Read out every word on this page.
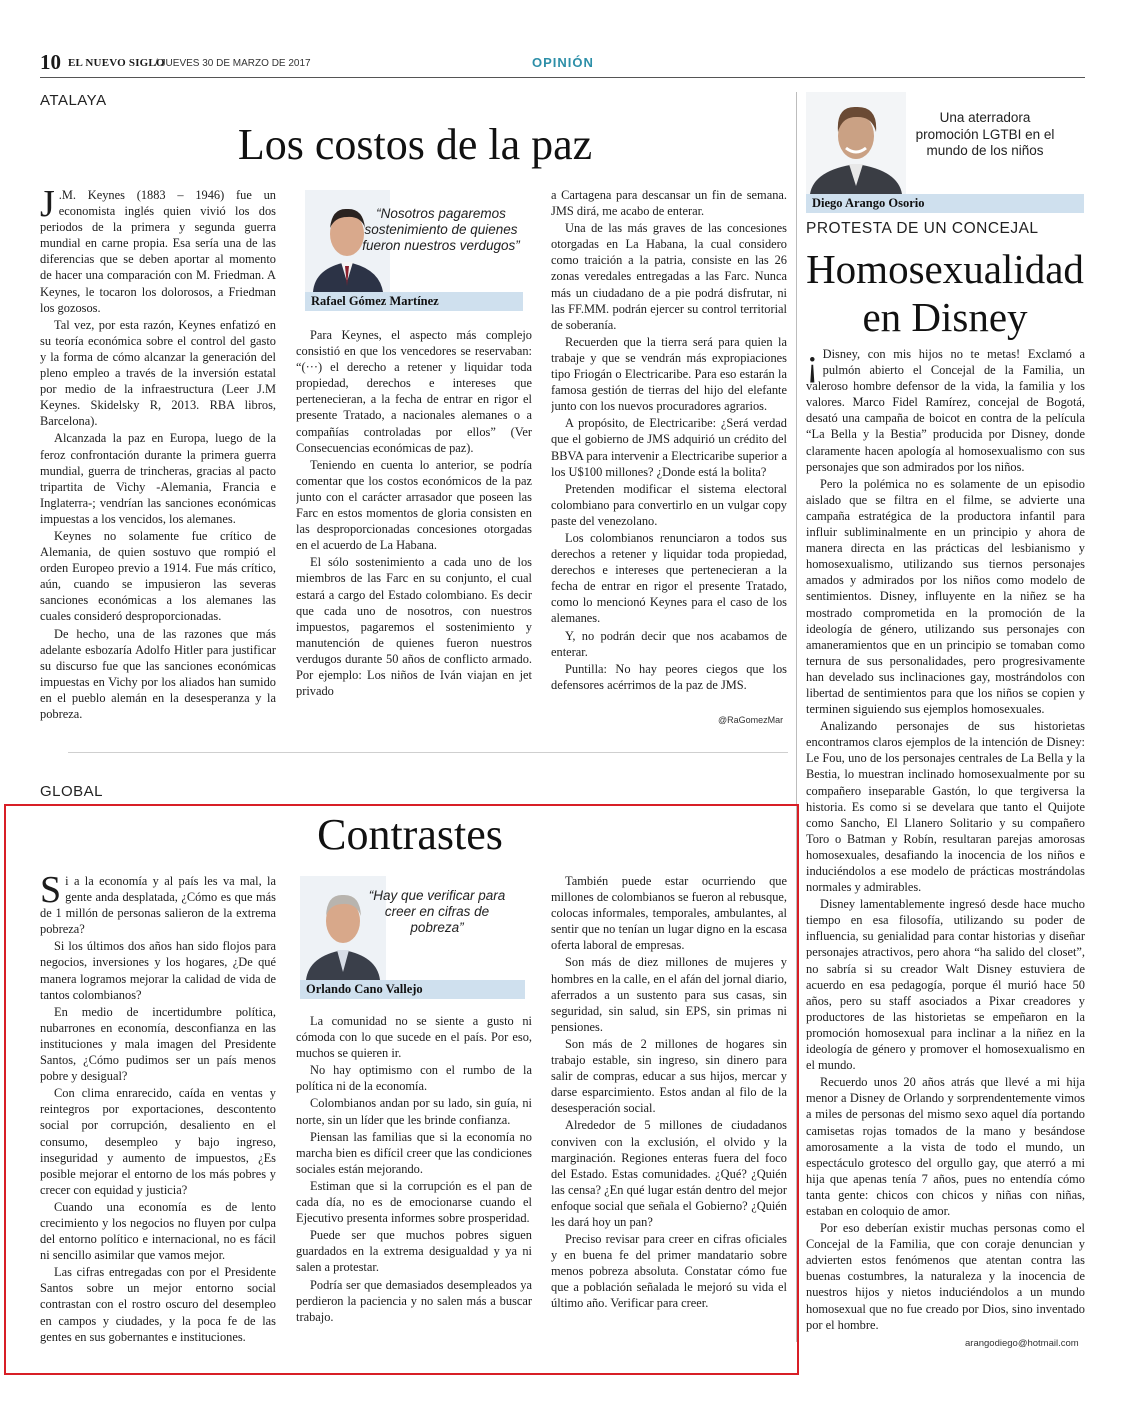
10 EL NUEVO SIGLO
/ JUEVES 30 DE MARZO DE 2017	OPINIÓN
ATALAYA
Los costos de la paz
J .M. Keynes (1883 – 1946) fue un economista inglés quien vivió los dos periodos de la primera y segunda guerra mundial en carne propia. Esa sería una de las diferencias que se deben aportar al momento de hacer una comparación con M. Friedman. A Keynes, le tocaron los dolorosos, a Friedman los gozosos.

Tal vez, por esta razón, Keynes enfatizó en su teoría económica sobre el control del gasto y la forma de cómo alcanzar la generación del pleno empleo a través de la inversión estatal por medio de la infraestructura (Leer J.M Keynes. Skidelsky R, 2013. RBA libros, Barcelona).

Alcanzada la paz en Europa, luego de la feroz confrontación durante la primera guerra mundial, guerra de trincheras, gracias al pacto tripartita de Vichy -Alemania, Francia e Inglaterra-; vendrían las sanciones económicas impuestas a los vencidos, los alemanes.

Keynes no solamente fue crítico de Alemania, de quien sostuvo que rompió el orden Europeo previo a 1914. Fue más crítico, aún, cuando se impusieron las severas sanciones económicas a los alemanes las cuales consideró desproporcionadas.

De hecho, una de las razones que más adelante esbozaría Adolfo Hitler para justificar su discurso fue que las sanciones económicas impuestas en Vichy por los aliados han sumido en el pueblo alemán en la desesperanza y la pobreza.

“Nosotros pagaremos sostenimiento de quienes fueron nuestros verdugos”
Rafael Gómez Martínez

Para Keynes, el aspecto más complejo consistió en que los vencedores se reservaban: “(···) el derecho a retener y liquidar toda propiedad, derechos e intereses que pertenecieran, a la fecha de entrar en rigor el presente Tratado, a nacionales alemanes o a compañías controladas por ellos” (Ver Consecuencias económicas de paz).

Teniendo en cuenta lo anterior, se podría comentar que los costos económicos de la paz junto con el carácter arrasador que poseen las Farc en estos momentos de gloria consisten en las desproporcionadas concesiones otorgadas en el acuerdo de La Habana.

El sólo sostenimiento a cada uno de los miembros de las Farc en su conjunto, el cual estará a cargo del Estado colombiano. Es decir que cada uno de nosotros, con nuestros impuestos, pagaremos el sostenimiento y manutención de quienes fueron nuestros verdugos durante 50 años de conflicto armado. Por ejemplo: Los niños de Iván viajan en jet privado

a Cartagena para descansar un fin de semana. JMS dirá, me acabo de enterar.

Una de las más graves de las concesiones otorgadas en La Habana, la cual considero como traición a la patria, consiste en las 26 zonas veredales entregadas a las Farc. Nunca más un ciudadano de a pie podrá disfrutar, ni las FF.MM. podrán ejercer su control territorial de soberanía.

Recuerden que la tierra será para quien la trabaje y que se vendrán más expropiaciones tipo Friogán o Electricaribe. Para eso estarán la famosa gestión de tierras del hijo del elefante junto con los nuevos procuradores agrarios.

A propósito, de Electricaribe: ¿Será verdad que el gobierno de JMS adquirió un crédito del BBVA para intervenir a Electricaribe superior a los U$100 millones? ¿Donde está la bolita?

Pretenden modificar el sistema electoral colombiano para convertirlo en un vulgar copy paste del venezolano.

Los colombianos renunciaron a todos sus derechos a retener y liquidar toda propiedad, derechos e intereses que pertenecieran a la fecha de entrar en rigor el presente Tratado, como lo mencionó Keynes para el caso de los alemanes.

Y, no podrán decir que nos acabamos de enterar.

Puntilla: No hay peores ciegos que los defensores acérrimos de la paz de JMS.

@RaGomezMar
GLOBAL
Contrastes
S i a la economía y al país les va mal, la gente anda desplatada, ¿Cómo es que más de 1 millón de personas salieron de la extrema pobreza?

Si los últimos dos años han sido flojos para negocios, inversiones y los hogares, ¿De qué manera logramos mejorar la calidad de vida de tantos colombianos?

En medio de incertidumbre política, nubarrones en economía, desconfianza en las instituciones y mala imagen del Presidente Santos, ¿Cómo pudimos ser un país menos pobre y desigual?

Con clima enrarecido, caída en ventas y reintegros por exportaciones, descontento social por corrupción, desaliento en el consumo, desempleo y bajo ingreso, inseguridad y aumento de impuestos, ¿Es posible mejorar el entorno de los más pobres y crecer con equidad y justicia?

Cuando una economía es de lento crecimiento y los negocios no fluyen por culpa del entorno político e internacional, no es fácil ni sencillo asimilar que vamos mejor.

Las cifras entregadas con por el Presidente Santos sobre un mejor entorno social contrastan con el rostro oscuro del desempleo en campos y ciudades, y la poca fe de las gentes en sus gobernantes e instituciones.

“Hay que verificar para creer en cifras de pobreza”
Orlando Cano Vallejo

La comunidad no se siente a gusto ni cómoda con lo que sucede en el país. Por eso, muchos se quieren ir.

No hay optimismo con el rumbo de la política ni de la economía.

Colombianos andan por su lado, sin guía, ni norte, sin un líder que les brinde confianza.

Piensan las familias que si la economía no marcha bien es difícil creer que las condiciones sociales están mejorando.

Estiman que si la corrupción es el pan de cada día, no es de emocionarse cuando el Ejecutivo presenta informes sobre prosperidad.

Puede ser que muchos pobres siguen guardados en la extrema desigualdad y ya ni salen a protestar.

Podría ser que demasiados desempleados ya perdieron la paciencia y no salen más a buscar trabajo.

También puede estar ocurriendo que millones de colombianos se fueron al rebusque, colocas informales, temporales, ambulantes, al sentir que no tenían un lugar digno en la escasa oferta laboral de empresas.

Son más de diez millones de mujeres y hombres en la calle, en el afán del jornal diario, aferrados a un sustento para sus casas, sin seguridad, sin salud, sin EPS, sin primas ni pensiones.

Son más de 2 millones de hogares sin trabajo estable, sin ingreso, sin dinero para salir de compras, educar a sus hijos, mercar y darse esparcimiento. Estos andan al filo de la desesperación social.

Alrededor de 5 millones de ciudadanos conviven con la exclusión, el olvido y la marginación. Regiones enteras fuera del foco del Estado. Estas comunidades. ¿Qué? ¿Quién las censa? ¿En qué lugar están dentro del mejor enfoque social que señala el Gobierno? ¿Quién les dará hoy un pan?

Preciso revisar para creer en cifras oficiales y en buena fe del primer mandatario sobre menos pobreza absoluta. Constatar cómo fue que a población señalada le mejoró su vida el último año. Verificar para creer.

Una aterradora promoción LGTBI en el mundo de los niños
Diego Arango Osorio
PROTESTA DE UN CONCEJAL
Homosexualidad
en Disney
¡ Disney, con mis hijos no te metas! Exclamó a pulmón abierto el Concejal de la Familia, un valeroso hombre defensor de la vida, la familia y los valores. Marco Fidel Ramírez, concejal de Bogotá, desató una campaña de boicot en contra de la película “La Bella y la Bestia” producida por Disney, donde claramente hacen apología al homosexualismo con sus personajes que son admirados por los niños.

Pero la polémica no es solamente de un episodio aislado que se filtra en el filme, se advierte una campaña estratégica de la productora infantil para influir subliminalmente en un principio y ahora de manera directa en las prácticas del lesbianismo y homosexualismo, utilizando sus tiernos personajes amados y admirados por los niños como modelo de sentimientos. Disney, influyente en la niñez se ha mostrado comprometida en la promoción de la ideología de género, utilizando sus personajes con amaneramientos que en un principio se tomaban como ternura de sus personalidades, pero progresivamente han develado sus inclinaciones gay, mostrándolos con libertad de sentimientos para que los niños se copien y terminen siguiendo sus ejemplos homosexuales.

Analizando personajes de sus historietas encontramos claros ejemplos de la intención de Disney: Le Fou, uno de los personajes centrales de La Bella y la Bestia, lo muestran inclinado homosexualmente por su compañero inseparable Gastón, lo que tergiversa la historia. Es como si se develara que tanto el Quijote como Sancho, El Llanero Solitario y su compañero Toro o Batman y Robín, resultaran parejas amorosas homosexuales, desafiando la inocencia de los niños e induciéndolos a ese modelo de prácticas mostrándolas normales y admirables.

Disney lamentablemente ingresó desde hace mucho tiempo en esa filosofía, utilizando su poder de influencia, su genialidad para contar historias y diseñar personajes atractivos, pero ahora “ha salido del closet”, no sabría si su creador Walt Disney estuviera de acuerdo en esa pedagogía, porque él murió hace 50 años, pero su staff asociados a Pixar creadores y productores de las historietas se empeñaron en la promoción homosexual para inclinar a la niñez en la ideología de género y promover el homosexualismo en el mundo.

Recuerdo unos 20 años atrás que llevé a mi hija menor a Disney de Orlando y sorprendentemente vimos a miles de personas del mismo sexo aquel día portando camisetas rojas tomados de la mano y besándose amorosamente a la vista de todo el mundo, un espectáculo grotesco del orgullo gay, que aterró a mi hija que apenas tenía 7 años, pues no entendía cómo tanta gente: chicos con chicos y niñas con niñas, estaban en coloquio de amor.

Por eso deberían existir muchas personas como el Concejal de la Familia, que con coraje denuncian y advierten estos fenómenos que atentan contra las buenas costumbres, la naturaleza y la inocencia de nuestros hijos y nietos induciéndolos a un mundo homosexual que no fue creado por Dios, sino inventado por el hombre.

arangodiego@hotmail.com
